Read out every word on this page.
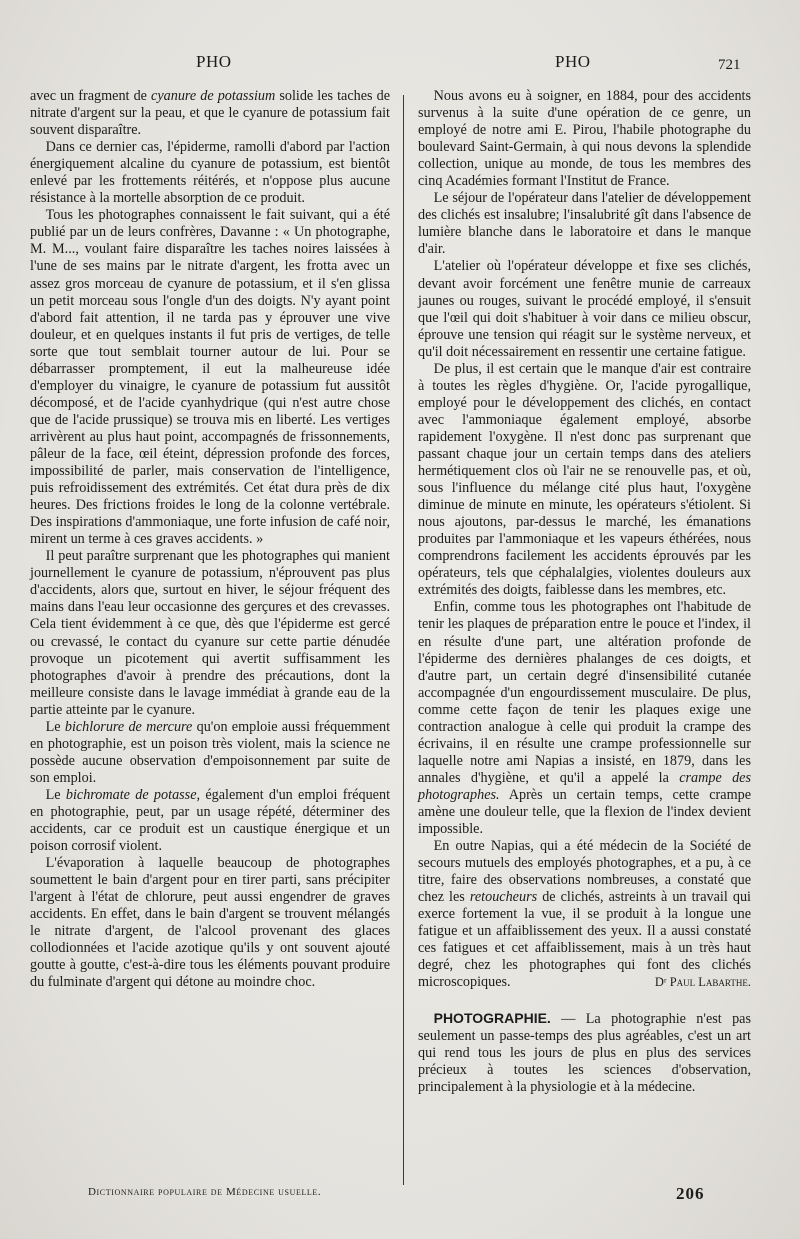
PHO	PHO	721

avec un fragment de cyanure de potassium solide les taches de nitrate d'argent sur la peau, et que le cyanure de potassium fait souvent disparaître.

Dans ce dernier cas, l'épiderme, ramolli d'abord par l'action énergiquement alcaline du cyanure de potassium, est bientôt enlevé par les frottements réitérés, et n'oppose plus aucune résistance à la mortelle absorption de ce produit.

Tous les photographes connaissent le fait suivant, qui a été publié par un de leurs confrères, Davanne : « Un photographe, M. M..., voulant faire disparaître les taches noires laissées à l'une de ses mains par le nitrate d'argent, les frotta avec un assez gros morceau de cyanure de potassium, et il s'en glissa un petit morceau sous l'ongle d'un des doigts. N'y ayant point d'abord fait attention, il ne tarda pas y éprouver une vive douleur, et en quelques instants il fut pris de vertiges, de telle sorte que tout semblait tourner autour de lui. Pour se débarrasser promptement, il eut la malheureuse idée d'employer du vinaigre, le cyanure de potassium fut aussitôt décomposé, et de l'acide cyanhydrique (qui n'est autre chose que de l'acide prussique) se trouva mis en liberté. Les vertiges arrivèrent au plus haut point, accompagnés de frissonnements, pâleur de la face, œil éteint, dépression profonde des forces, impossibilité de parler, mais conservation de l'intelligence, puis refroidissement des extrémités. Cet état dura près de dix heures. Des frictions froides le long de la colonne vertébrale. Des inspirations d'ammoniaque, une forte infusion de café noir, mirent un terme à ces graves accidents. »

Il peut paraître surprenant que les photographes qui manient journellement le cyanure de potassium, n'éprouvent pas plus d'accidents, alors que, surtout en hiver, le séjour fréquent des mains dans l'eau leur occasionne des gerçures et des crevasses. Cela tient évidemment à ce que, dès que l'épiderme est gercé ou crevassé, le contact du cyanure sur cette partie dénudée provoque un picotement qui avertit suffisamment les photographes d'avoir à prendre des précautions, dont la meilleure consiste dans le lavage immédiat à grande eau de la partie atteinte par le cyanure.

Le bichlorure de mercure qu'on emploie aussi fréquemment en photographie, est un poison très violent, mais la science ne possède aucune observation d'empoisonnement par suite de son emploi.

Le bichromate de potasse, également d'un emploi fréquent en photographie, peut, par un usage répété, déterminer des accidents, car ce produit est un caustique énergique et un poison corrosif violent.

L'évaporation à laquelle beaucoup de photographes soumettent le bain d'argent pour en tirer parti, sans précipiter l'argent à l'état de chlorure, peut aussi engendrer de graves accidents. En effet, dans le bain d'argent se trouvent mélangés le nitrate d'argent, de l'alcool provenant des glaces collodionnées et l'acide azotique qu'ils y ont souvent ajouté goutte à goutte, c'est-à-dire tous les éléments pouvant produire du fulminate d'argent qui détone au moindre choc.

Nous avons eu à soigner, en 1884, pour des accidents survenus à la suite d'une opération de ce genre, un employé de notre ami E. Pirou, l'habile photographe du boulevard Saint-Germain, à qui nous devons la splendide collection, unique au monde, de tous les membres des cinq Académies formant l'Institut de France.

Le séjour de l'opérateur dans l'atelier de développement des clichés est insalubre; l'insalubrité gît dans l'absence de lumière blanche dans le laboratoire et dans le manque d'air.

L'atelier où l'opérateur développe et fixe ses clichés, devant avoir forcément une fenêtre munie de carreaux jaunes ou rouges, suivant le procédé employé, il s'ensuit que l'œil qui doit s'habituer à voir dans ce milieu obscur, éprouve une tension qui réagit sur le système nerveux, et qu'il doit nécessairement en ressentir une certaine fatigue.

De plus, il est certain que le manque d'air est contraire à toutes les règles d'hygiène. Or, l'acide pyrogallique, employé pour le développement des clichés, en contact avec l'ammoniaque également employé, absorbe rapidement l'oxygène. Il n'est donc pas surprenant que passant chaque jour un certain temps dans des ateliers hermétiquement clos où l'air ne se renouvelle pas, et où, sous l'influence du mélange cité plus haut, l'oxygène diminue de minute en minute, les opérateurs s'étiolent. Si nous ajoutons, par-dessus le marché, les émanations produites par l'ammoniaque et les vapeurs éthérées, nous comprendrons facilement les accidents éprouvés par les opérateurs, tels que céphalalgies, violentes douleurs aux extrémités des doigts, faiblesse dans les membres, etc.

Enfin, comme tous les photographes ont l'habitude de tenir les plaques de préparation entre le pouce et l'index, il en résulte d'une part, une altération profonde de l'épiderme des dernières phalanges de ces doigts, et d'autre part, un certain degré d'insensibilité cutanée accompagnée d'un engourdissement musculaire. De plus, comme cette façon de tenir les plaques exige une contraction analogue à celle qui produit la crampe des écrivains, il en résulte une crampe professionnelle sur laquelle notre ami Napias a insisté, en 1879, dans les annales d'hygiène, et qu'il a appelé la crampe des photographes. Après un certain temps, cette crampe amène une douleur telle, que la flexion de l'index devient impossible.

En outre Napias, qui a été médecin de la Société de secours mutuels des employés photographes, et a pu, à ce titre, faire des observations nombreuses, a constaté que chez les retoucheurs de clichés, astreints à un travail qui exerce fortement la vue, il se produit à la longue une fatigue et un affaiblissement des yeux. Il a aussi constaté ces fatigues et cet affaiblissement, mais à un très haut degré, chez les photographes qui font des clichés microscopiques.	Dʳ Paul Labarthe.

PHOTOGRAPHIE. — La photographie n'est pas seulement un passe-temps des plus agréables, c'est un art qui rend tous les jours de plus en plus des services précieux à toutes les sciences d'observation, principalement à la physiologie et à la médecine.

Dictionnaire populaire de Médecine usuelle.	206
